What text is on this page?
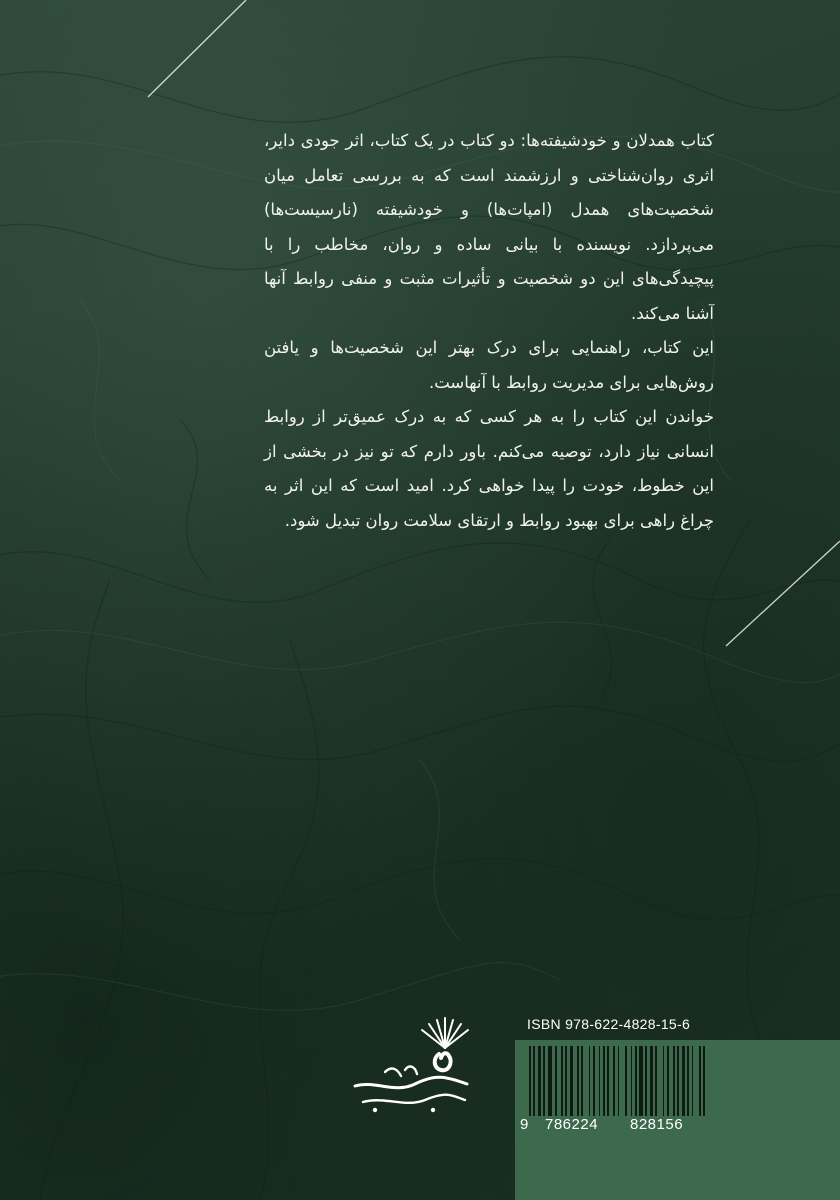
کتاب همدلان و خودشیفته‌ها: دو کتاب در یک کتاب، اثر جودی دایر، اثری روان‌شناختی و ارزشمند است که به بررسی تعامل میان شخصیت‌های همدل (امپات‌ها) و خودشیفته (نارسیست‌ها) می‌پردازد. نویسنده با بیانی ساده و روان، مخاطب را با پیچیدگی‌های این دو شخصیت و تأثیرات مثبت و منفی روابط آنها آشنا می‌کند.

این کتاب، راهنمایی برای درک بهتر این شخصیت‌ها و یافتن روش‌هایی برای مدیریت روابط با آنهاست.

خواندن این کتاب را به هر کسی که به درک عمیق‌تر از روابط انسانی نیاز دارد، توصیه می‌کنم. باور دارم که تو نیز در بخشی از این خطوط، خودت را پیدا خواهی کرد. امید است که این اثر به چراغ راهی برای بهبود روابط و ارتقای سلامت روان تبدیل شود.

ISBN 978-622-4828-15-6
9 786224 828156
